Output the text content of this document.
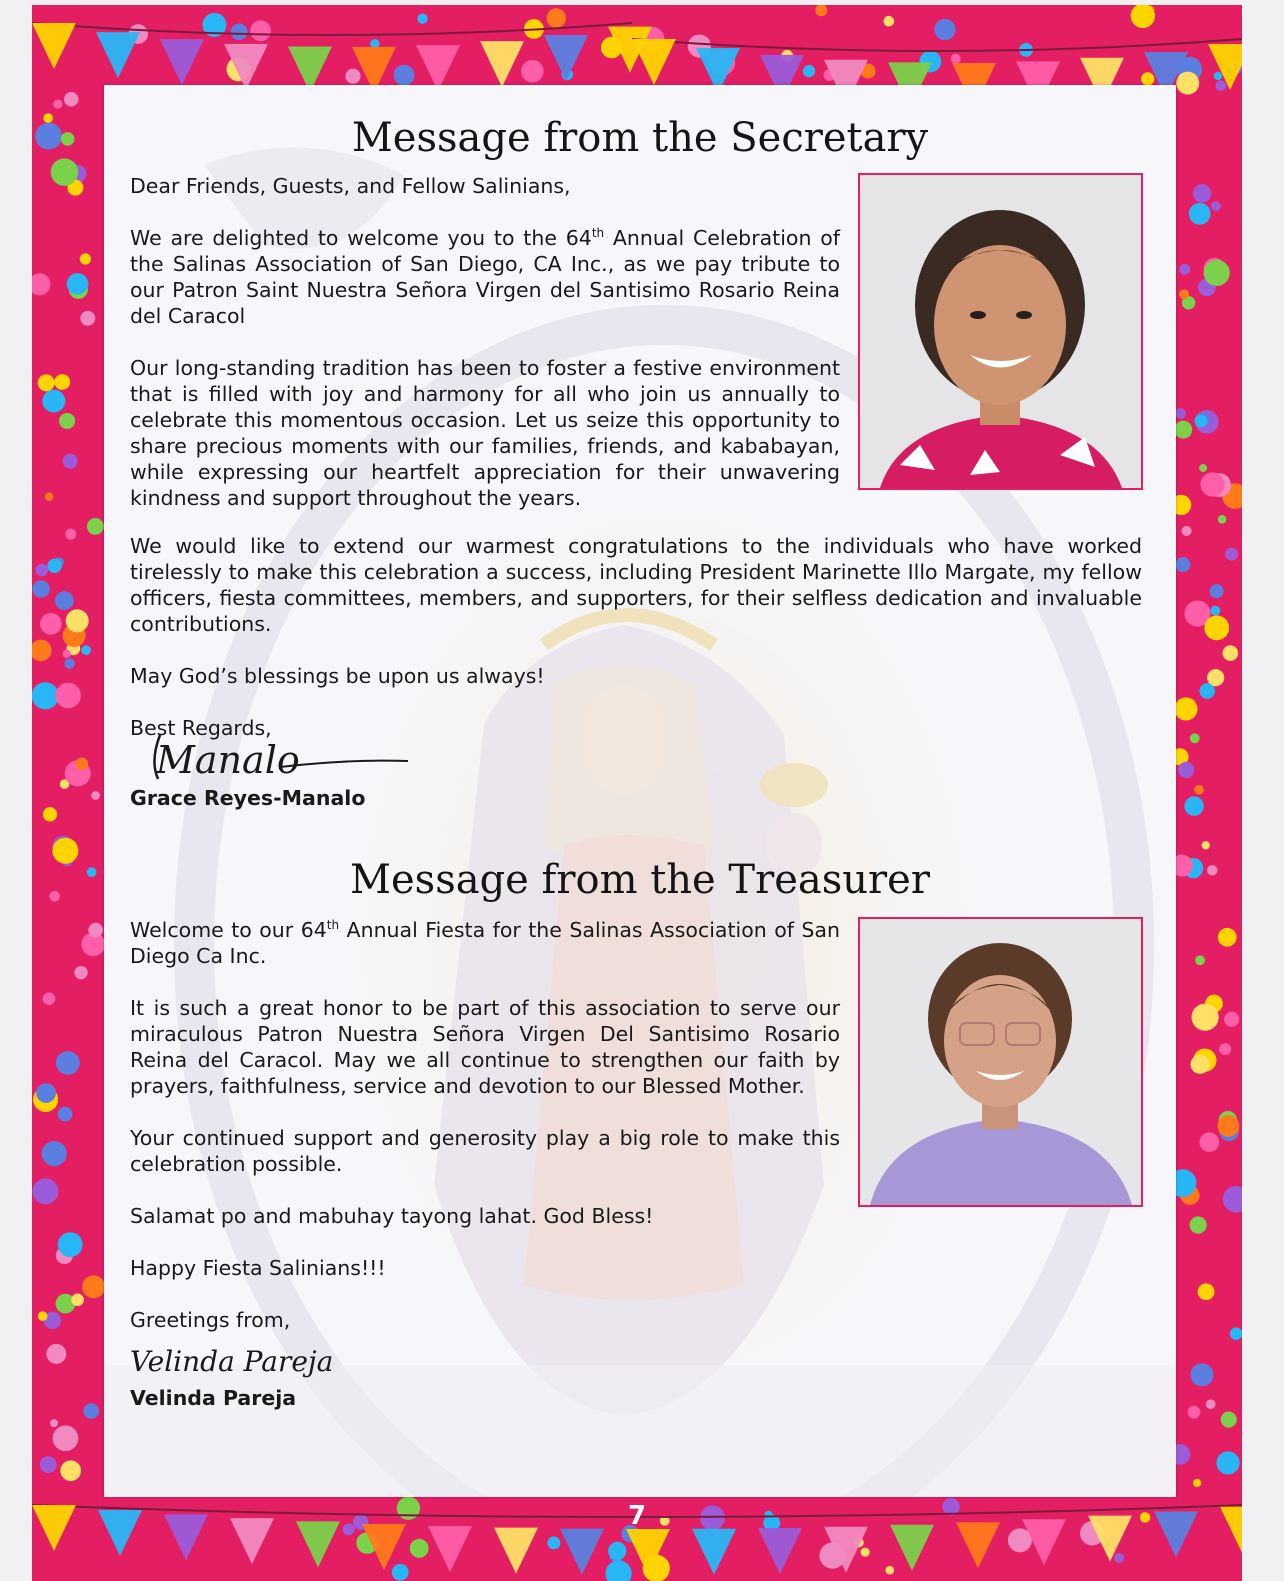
Message from the Secretary

Dear Friends, Guests, and Fellow Salinians,

We are delighted to welcome you to the 64th Annual Celebration of the Salinas Association of San Diego, CA Inc., as we pay tribute to our Patron Saint Nuestra Señora Virgen del Santisimo Rosario Reina del Caracol

Our long-standing tradition has been to foster a festive environment that is filled with joy and harmony for all who join us annually to celebrate this momentous occasion. Let us seize this opportunity to share precious moments with our families, friends, and kababayan, while expressing our heartfelt appreciation for their unwavering kindness and support throughout the years.

We would like to extend our warmest congratulations to the individuals who have worked tirelessly to make this celebration a success, including President Marinette Illo Margate, my fellow officers, fiesta committees, members, and supporters, for their selfless dedication and invaluable contributions.

May God’s blessings be upon us always!

Best Regards,

Manalo

Grace Reyes-Manalo

Message from the Treasurer

Welcome to our 64th Annual Fiesta for the Salinas Association of San Diego Ca Inc.

It is such a great honor to be part of this association to serve our miraculous Patron Nuestra Señora Virgen Del Santisimo Rosario Reina del Caracol. May we all continue to strengthen our faith by prayers, faithfulness, service and devotion to our Blessed Mother.

Your continued support and generosity play a big role to make this celebration possible.

Salamat po and mabuhay tayong lahat. God Bless!

Happy Fiesta Salinians!!!

Greetings from,

Velinda Pareja

Velinda Pareja

7
